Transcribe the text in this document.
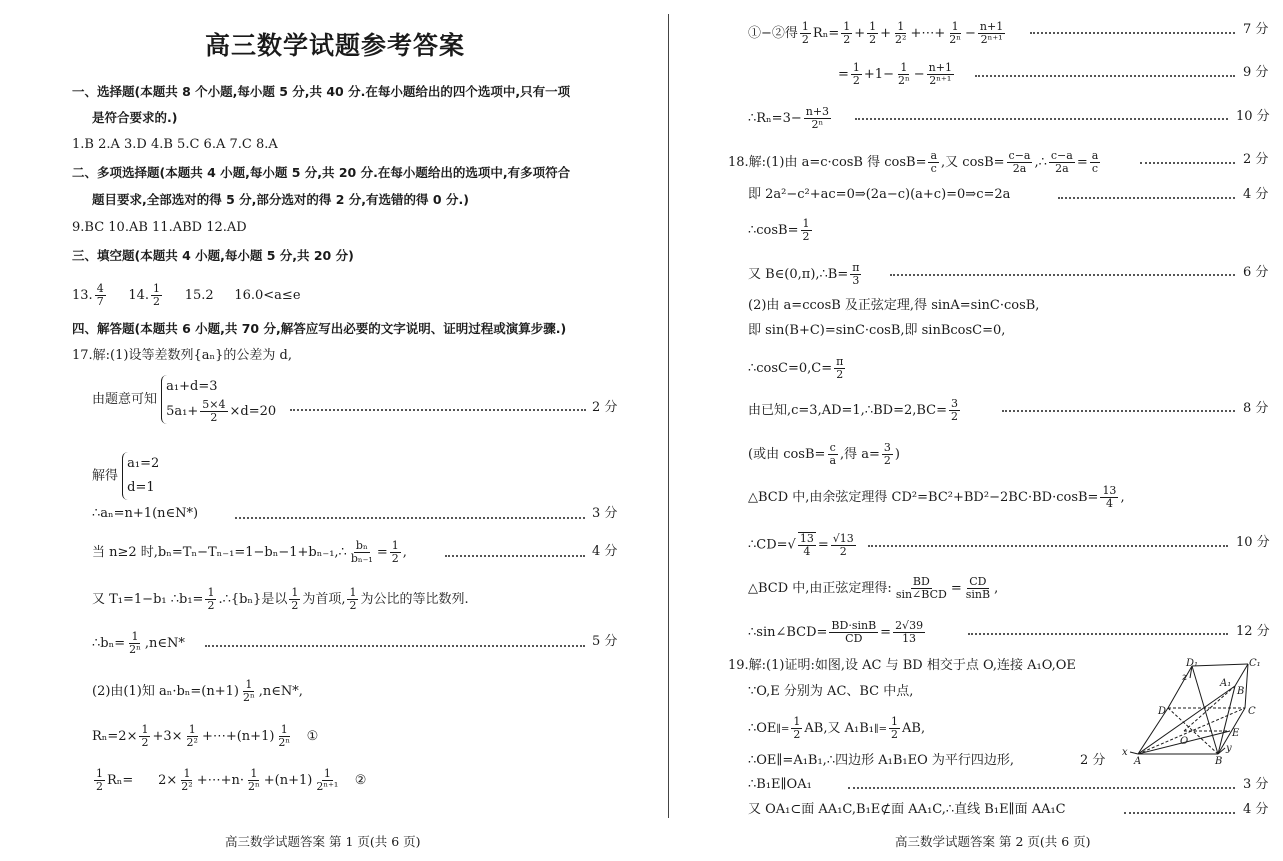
高三数学试题参考答案
一、选择题(本题共 8 个小题,每小题 5 分,共 40 分.在每小题给出的四个选项中,只有一项
是符合要求的.)
1.B 2.A 3.D 4.B 5.C 6.A 7.C 8.A
二、多项选择题(本题共 4 小题,每小题 5 分,共 20 分.在每小题给出的选项中,有多项符合
题目要求,全部选对的得 5 分,部分选对的得 2 分,有选错的得 0 分.)
9.BC 10.AB 11.ABD 12.AD
三、填空题(本题共 4 小题,每小题 5 分,共 20 分)
13. $\frac{4}{7} 14$. $\frac{1}{2} 15.2$ 16.0<a≤e
四、解答题(本题共 6 小题,共 70 分,解答应写出必要的文字说明、证明过程或演算步骤.)
17.解:(1)设等差数列{aₙ}的公差为 d,
由题意可知 a₁+d=3
$5a_1+ \frac{5\times 4}{2} \times d=20$	2 分
解得 a₁=2
d=1
∴aₙ=n+1(n∈N*)	3 分
当 n≥2 时,bₙ=Tₙ−Tₙ₋₁=1−bₙ−1+bₙ₋₁,∴ $\frac{\text{bₙ}}{\text{bₙ₋₁}} = \frac{1}{2}$ ,	4 分
又 T₁=1−b₁ ∴b₁= $\frac{1}{2}$ .∴{bₙ}是以 $\frac{1}{2}$ 为首项, $\frac{1}{2}$ 为公比的等比数列.
∴bₙ= $\frac{1}{\text{2ⁿ}}$ ,n∈N*	5 分
(2)由(1)知 $a_n\cdot b_n=(n+1) \frac{1}{\text{2ⁿ}}$ ,n∈N*,
$R_n=2\times \frac{1}{2} +3\times \frac{1}{\text{2²}}$ +⋯+(n+1) $\frac{1}{\text{2ⁿ}}$ ①
$\frac{1}{2} R_n= 2\times \frac{1}{\text{2²}}$ +⋯+n· $\frac{1}{\text{2ⁿ}} +(n+1) \frac{1}{\text{2ⁿ⁺¹}}$ ②
高三数学试题答案 第 1 页(共 6 页)
①−②得 $\frac{1}{2} R_n= \frac{1}{2} + \frac{1}{2} + \frac{1}{\text{2²}}$ +⋯+ $\frac{1}{\text{2ⁿ}} - \frac{n+1}{\text{2ⁿ⁺¹}}$	7 分
= $\frac{1}{2} +1- \frac{1}{\text{2ⁿ}} - \frac{n+1}{\text{2ⁿ⁺¹}}$	9 分
∴Rₙ=3− $\frac{n+3}{\text{2ⁿ}}$	10 分
18.解:(1)由 a=c·cosB 得 $\cos B= \frac{a}{c}$ ,又 $\cos B= \frac{c-a}{2a}$ ,∴ $\frac{c-a}{2a} = \frac{a}{c}$	2 分
即 2a²−c²+ac=0⇒(2a−c)(a+c)=0⇒c=2a	4 分
∴cosB= $\frac{1}{2}$
又 B∈(0,π),∴B= $\frac{\pi}{3}$	6 分
(2)由 a=ccosB 及正弦定理,得 sinA=sinC·cosB,
即 sin(B+C)=sinC·cosB,即 sinBcosC=0,
∴cosC=0,C= $\frac{\pi}{2}$
由已知,c=3,AD=1,∴BD=2,BC= $\frac{3}{2}$	8 分
(或由 $\cos B= \frac{c}{a}$ ,得 $a= \frac{3}{2}$ )
△BCD 中,由余弦定理得 $CD^2=BC^2+BD^2-2BC\cdot BD\cdot\cos B= \frac{13}{4}$ ,
∴CD=√ $\frac{13}{4} = \frac{√13}{2}$	10 分
△BCD 中,由正弦定理得: $\frac{BD}{\text{sin∠BCD}} = \frac{CD}{\sin B}$ ,
∴sin∠BCD= $\frac{BD\cdot\sin B}{CD} = \frac{2√39}{13}$	12 分
19.解:(1)证明:如图,设 AC 与 BD 相交于点 O,连接 A₁O,OE
∵O,E 分别为 AC、BC 中点,
∴OE∥= $\frac{1}{2}$ AB,又 A₁B₁∥= $\frac{1}{2}$ AB,
∴OE∥=A₁B₁,∴四边形 A₁B₁EO 为平行四边形,	2 分
∴B₁E∥OA₁	3 分
又 OA₁⊂面 AA₁C,B₁E⊄面 AA₁C,∴直线 B₁E∥面 AA₁C	4 分
D₁	C₁
z
A₁
B
D	C
O
E
x
A	B
y
高三数学试题答案 第 2 页(共 6 页)
